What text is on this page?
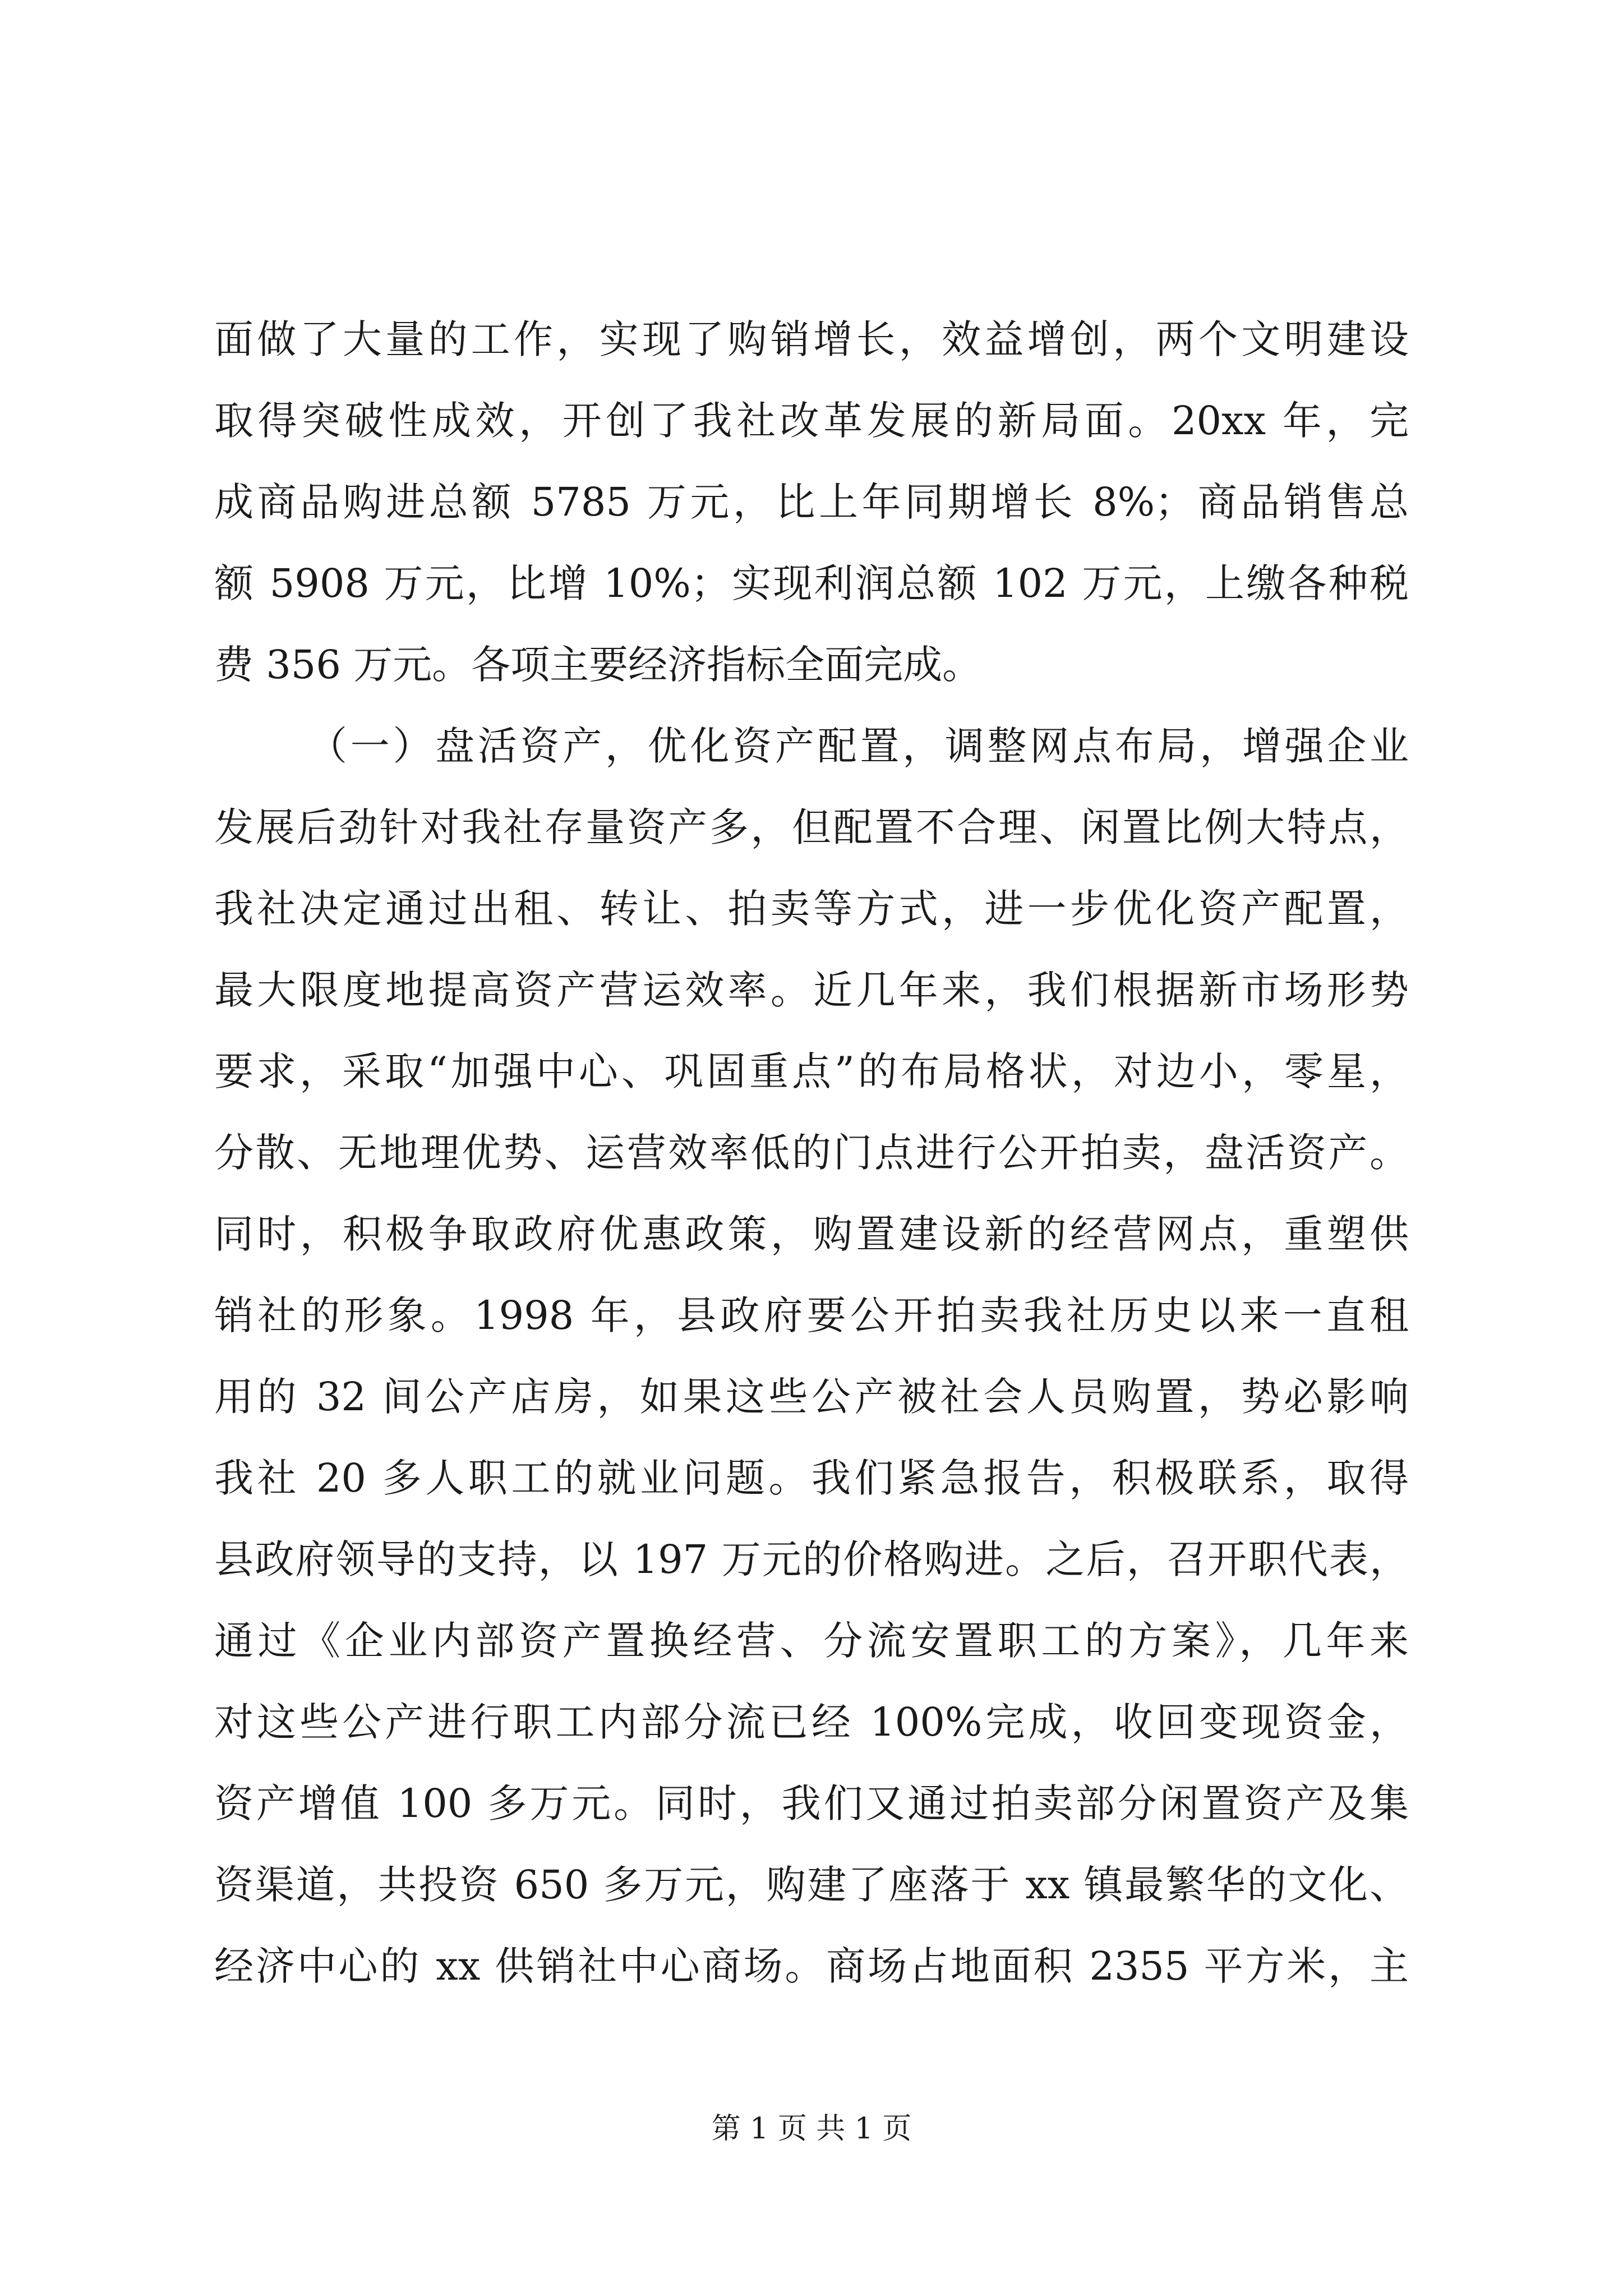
面做了大量的工作，实现了购销增长，效益增创，两个文明建设
取得突破性成效，开创了我社改革发展的新局面。20xx 年，完
成商品购进总额 5785 万元，比上年同期增长 8%；商品销售总
额 5908 万元，比增 10%；实现利润总额 102 万元，上缴各种税
费 356 万元。各项主要经济指标全面完成。
（一）盘活资产，优化资产配置，调整网点布局，增强企业
发展后劲针对我社存量资产多，但配置不合理、闲置比例大特点，
我社决定通过出租、转让、拍卖等方式，进一步优化资产配置，
最大限度地提高资产营运效率。近几年来，我们根据新市场形势
要求，采取“加强中心、巩固重点”的布局格状，对边小，零星，
分散、无地理优势、运营效率低的门点进行公开拍卖，盘活资产。
同时，积极争取政府优惠政策，购置建设新的经营网点，重塑供
销社的形象。1998 年，县政府要公开拍卖我社历史以来一直租
用的 32 间公产店房，如果这些公产被社会人员购置，势必影响
我社 20 多人职工的就业问题。我们紧急报告，积极联系，取得
县政府领导的支持，以 197 万元的价格购进。之后，召开职代表，
通过《企业内部资产置换经营、分流安置职工的方案》，几年来
对这些公产进行职工内部分流已经 100%完成，收回变现资金，
资产增值 100 多万元。同时，我们又通过拍卖部分闲置资产及集
资渠道，共投资 650 多万元，购建了座落于 xx 镇最繁华的文化、
经济中心的 xx 供销社中心商场。商场占地面积 2355 平方米，主
第 1 页 共 1 页
